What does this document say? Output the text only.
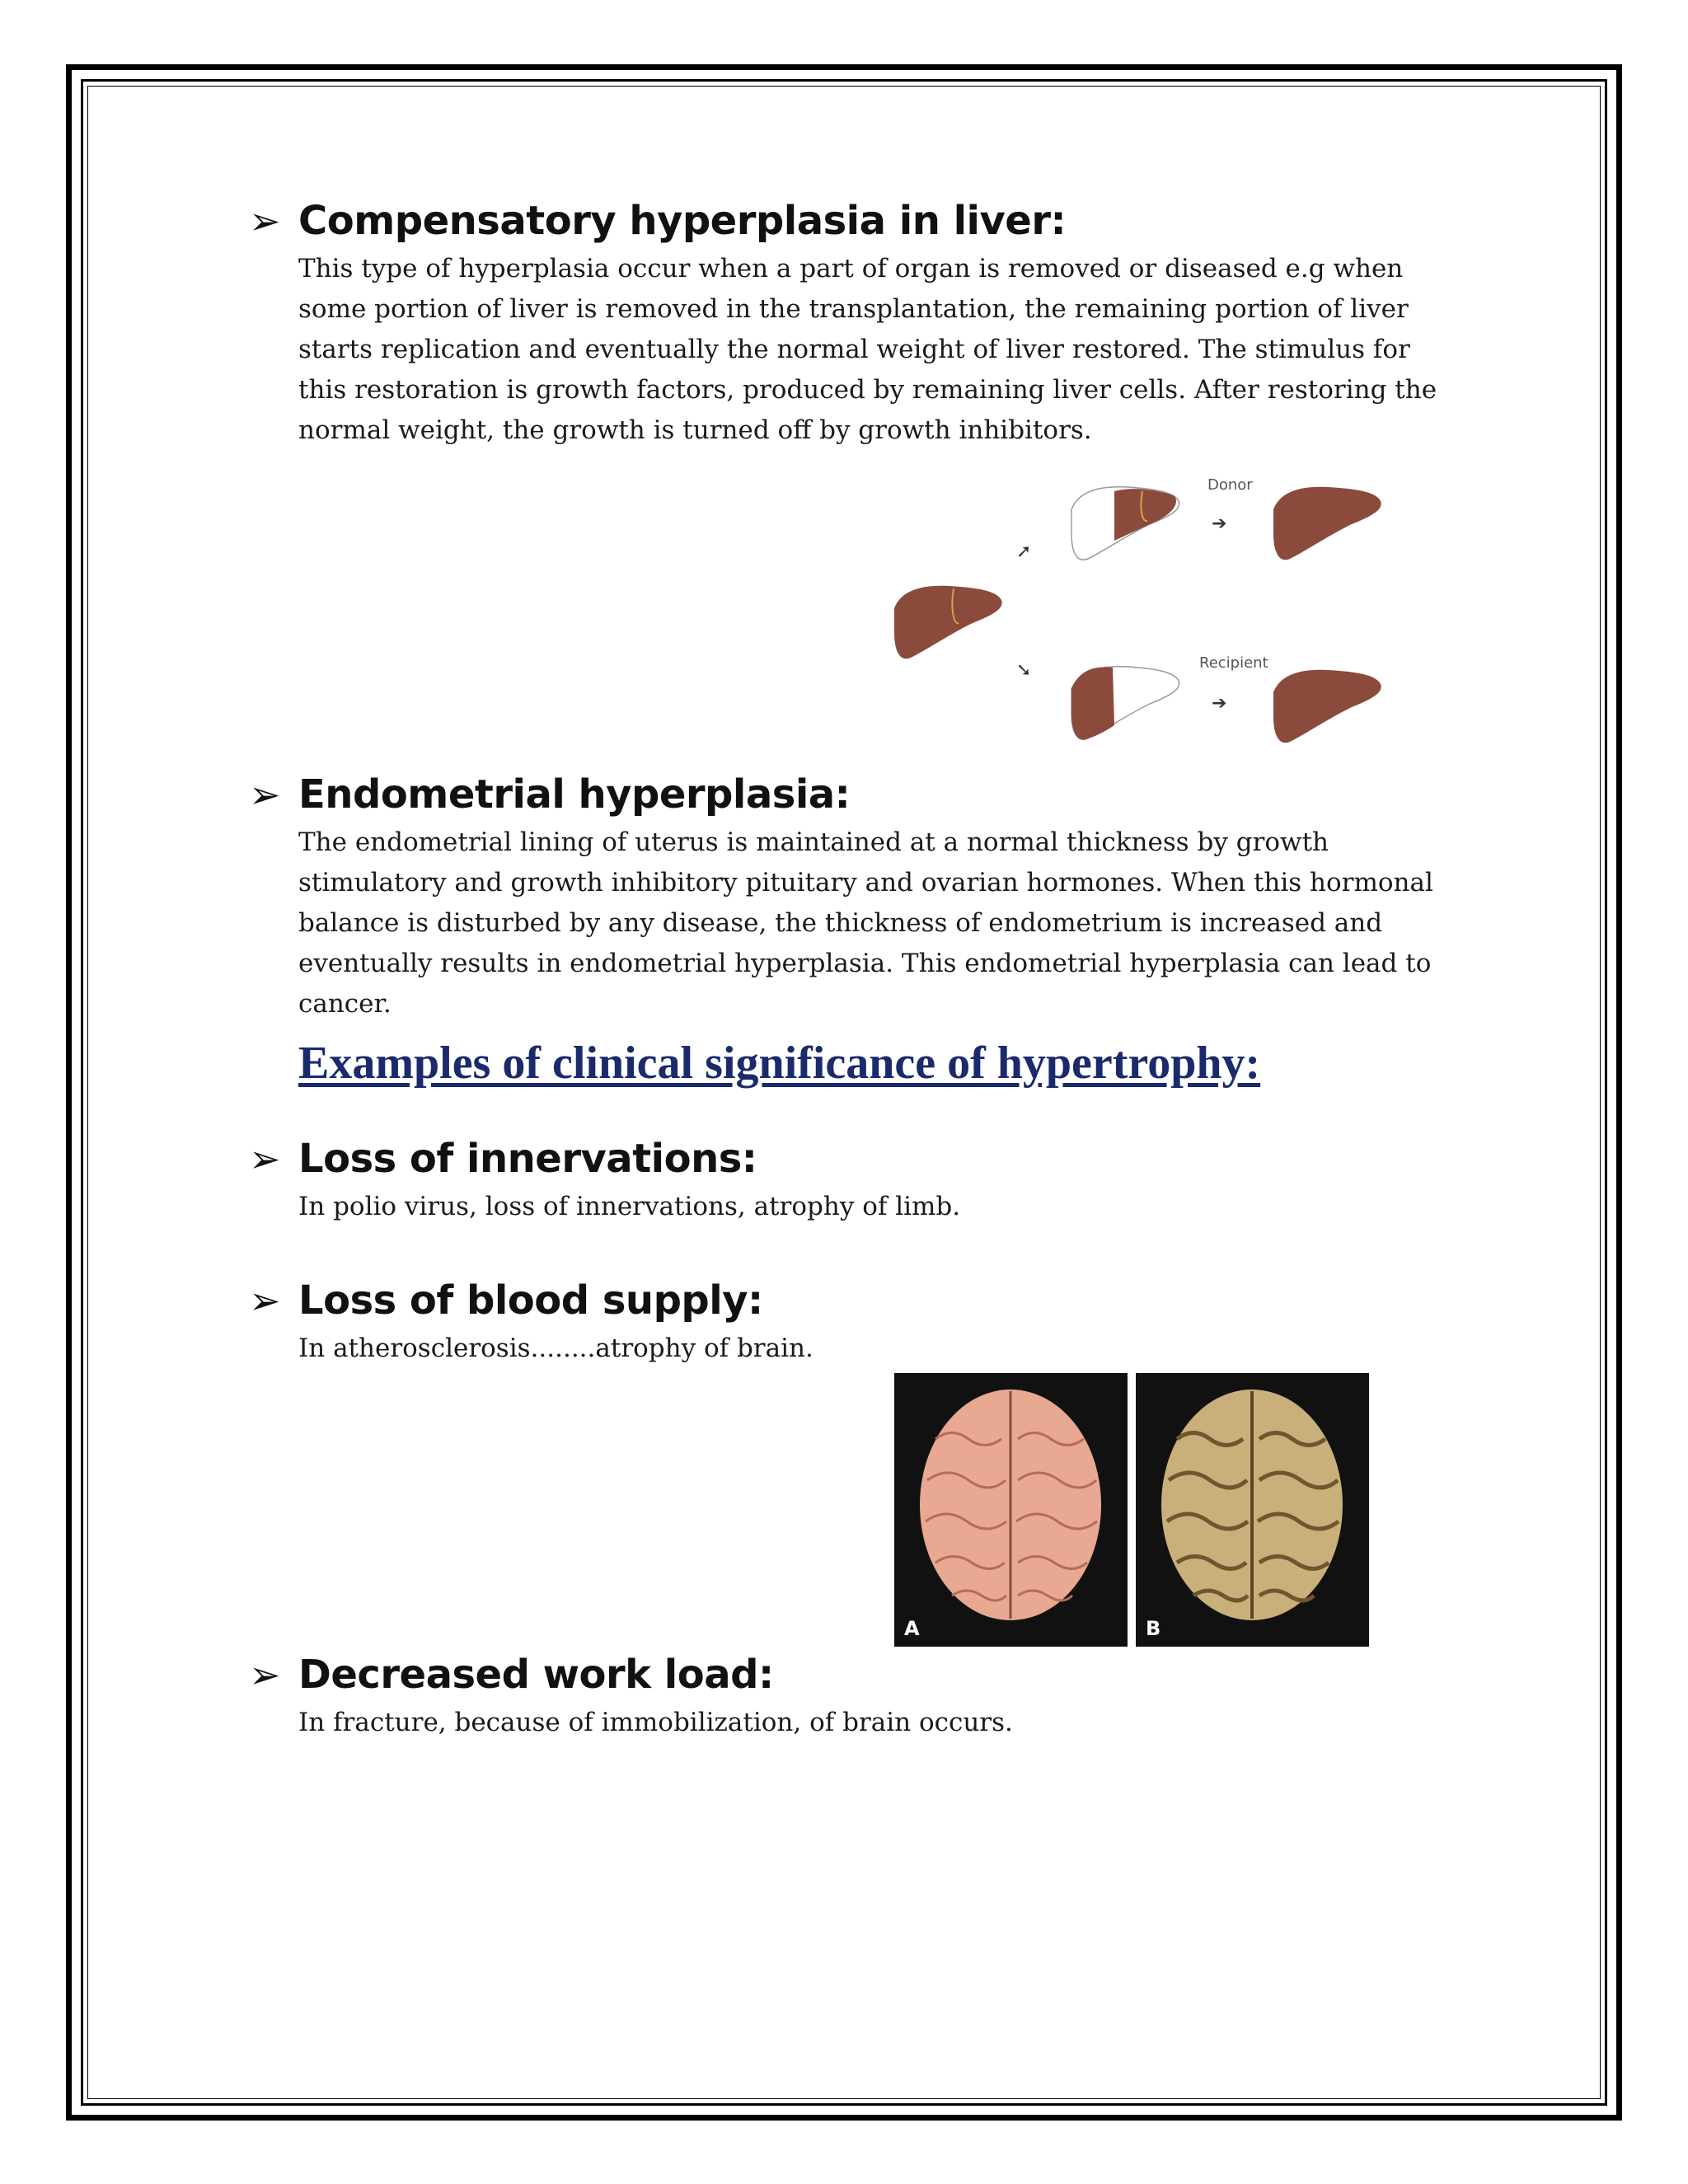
➢ Compensatory hyperplasia in liver:
This type of hyperplasia occur when a part of organ is removed or diseased e.g when
some portion of liver is removed in the transplantation, the remaining portion of liver
starts replication and eventually the normal weight of liver restored. The stimulus for
this restoration is growth factors, produced by remaining liver cells. After restoring the
normal weight, the growth is turned off by growth inhibitors.
➚
➘
Donor
➔
Recipient
➔
➢ Endometrial hyperplasia:
The endometrial lining of uterus is maintained at a normal thickness by growth
stimulatory and growth inhibitory pituitary and ovarian hormones. When this hormonal
balance is disturbed by any disease, the thickness of endometrium is increased and
eventually results in endometrial hyperplasia. This endometrial hyperplasia can lead to
cancer.
Examples of clinical significance of hypertrophy:
➢ Loss of innervations:
In polio virus, loss of innervations, atrophy of limb.
➢ Loss of blood supply:
In atherosclerosis........atrophy of brain.
A	B
➢ Decreased work load:
In fracture, because of immobilization, of brain occurs.
